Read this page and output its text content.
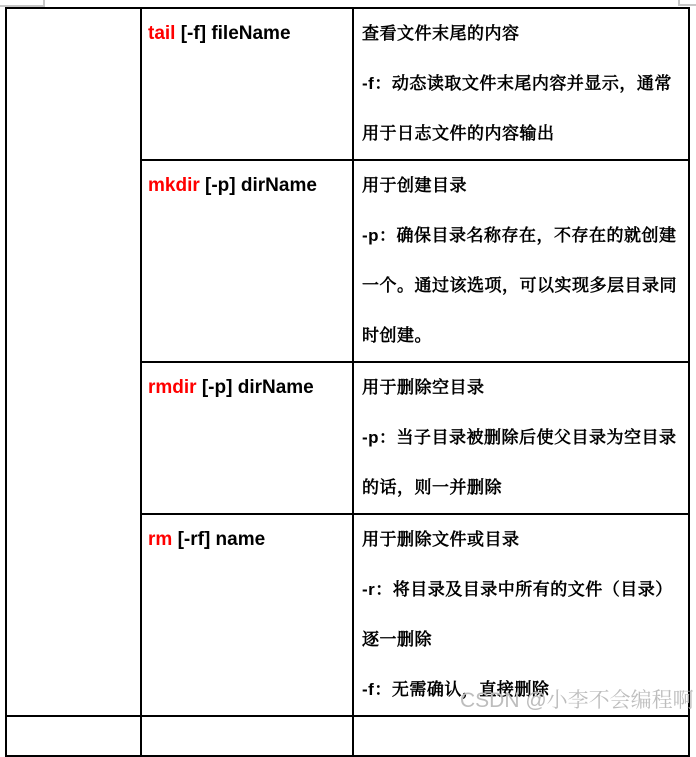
	tail [-f] fileName	查看文件末尾的内容

-f：动态读取文件末尾内容并显示，通常用于日志文件的内容输出

	mkdir [-p] dirName	用于创建目录

-p：确保目录名称存在，不存在的就创建一个。通过该选项，可以实现多层目录同时创建。

	rmdir [-p] dirName	用于删除空目录

-p：当子目录被删除后使父目录为空目录的话，则一并删除

	rm [-rf] name	用于删除文件或目录

-r：将目录及目录中所有的文件（目录）逐一删除

-f：无需确认，直接删除

CSDN @小李不会编程啊
